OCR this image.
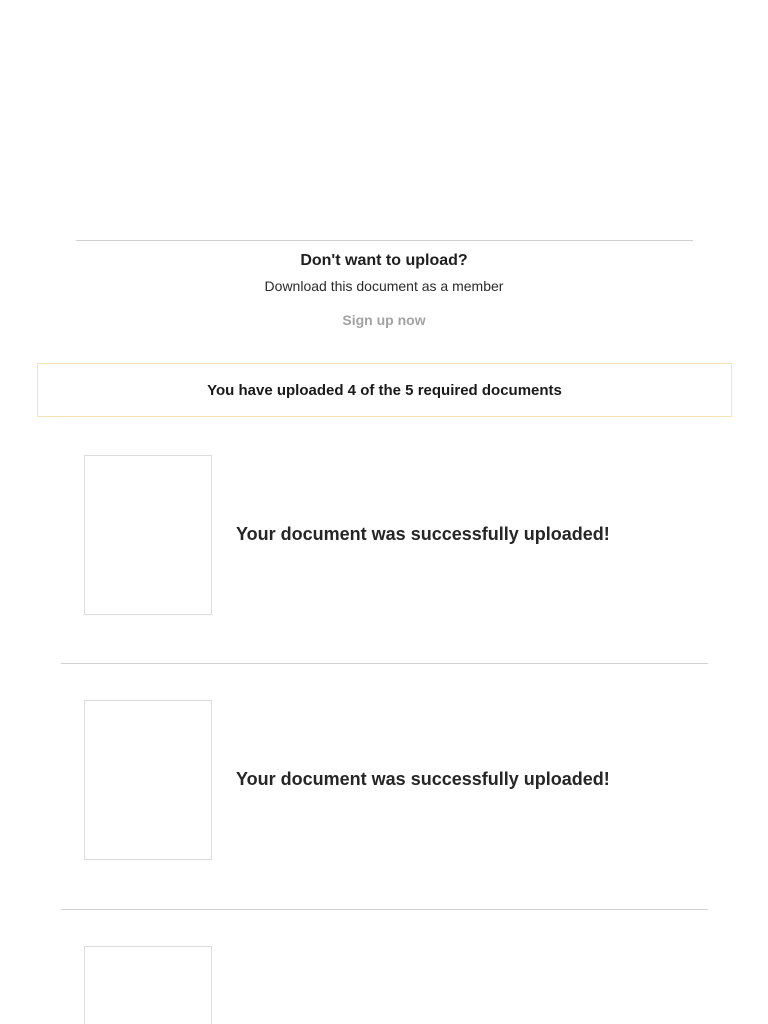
Don't want to upload?
Download this document as a member
Sign up now
You have uploaded 4 of the 5 required documents
Your document was successfully uploaded!
Your document was successfully uploaded!
